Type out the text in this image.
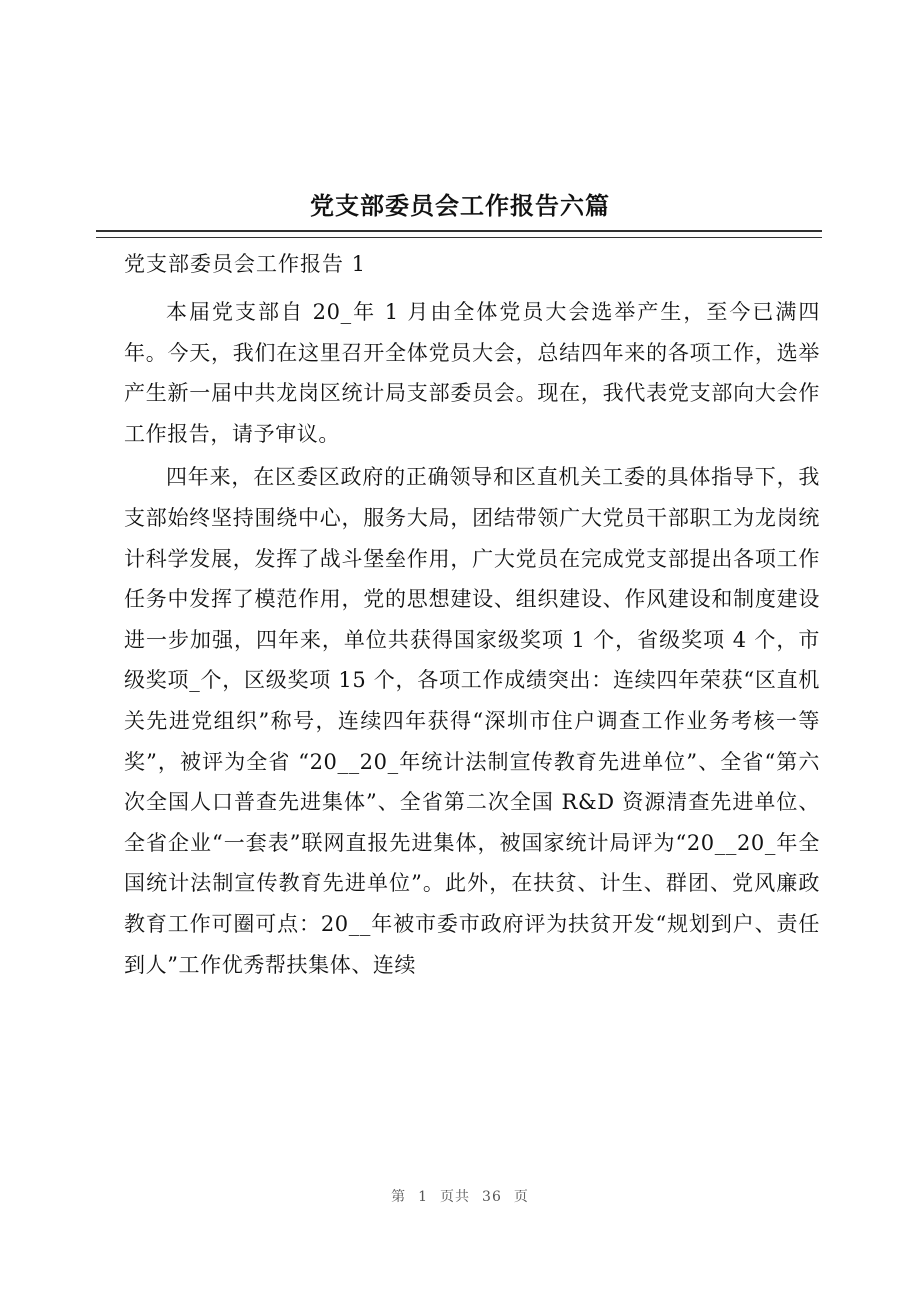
党支部委员会工作报告六篇
党支部委员会工作报告 1

本届党支部自 20_年 1 月由全体党员大会选举产生，至今已满四年。今天，我们在这里召开全体党员大会，总结四年来的各项工作，选举产生新一届中共龙岗区统计局支部委员会。现在，我代表党支部向大会作工作报告，请予审议。

四年来，在区委区政府的正确领导和区直机关工委的具体指导下，我支部始终坚持围绕中心，服务大局，团结带领广大党员干部职工为龙岗统计科学发展，发挥了战斗堡垒作用，广大党员在完成党支部提出各项工作任务中发挥了模范作用，党的思想建设、组织建设、作风建设和制度建设进一步加强，四年来，单位共获得国家级奖项 1 个，省级奖项 4 个，市级奖项_个，区级奖项 15 个，各项工作成绩突出：连续四年荣获“区直机关先进党组织”称号，连续四年获得“深圳市住户调查工作业务考核一等奖”，被评为全省 “20__20_年统计法制宣传教育先进单位”、全省“第六次全国人口普查先进集体”、全省第二次全国 R&D 资源清查先进单位、全省企业“一套表”联网直报先进集体，被国家统计局评为“20__20_年全国统计法制宣传教育先进单位”。此外，在扶贫、计生、群团、党风廉政教育工作可圈可点：20__年被市委市政府评为扶贫开发“规划到户、责任到人”工作优秀帮扶集体、连续

第 1 页共 36 页
